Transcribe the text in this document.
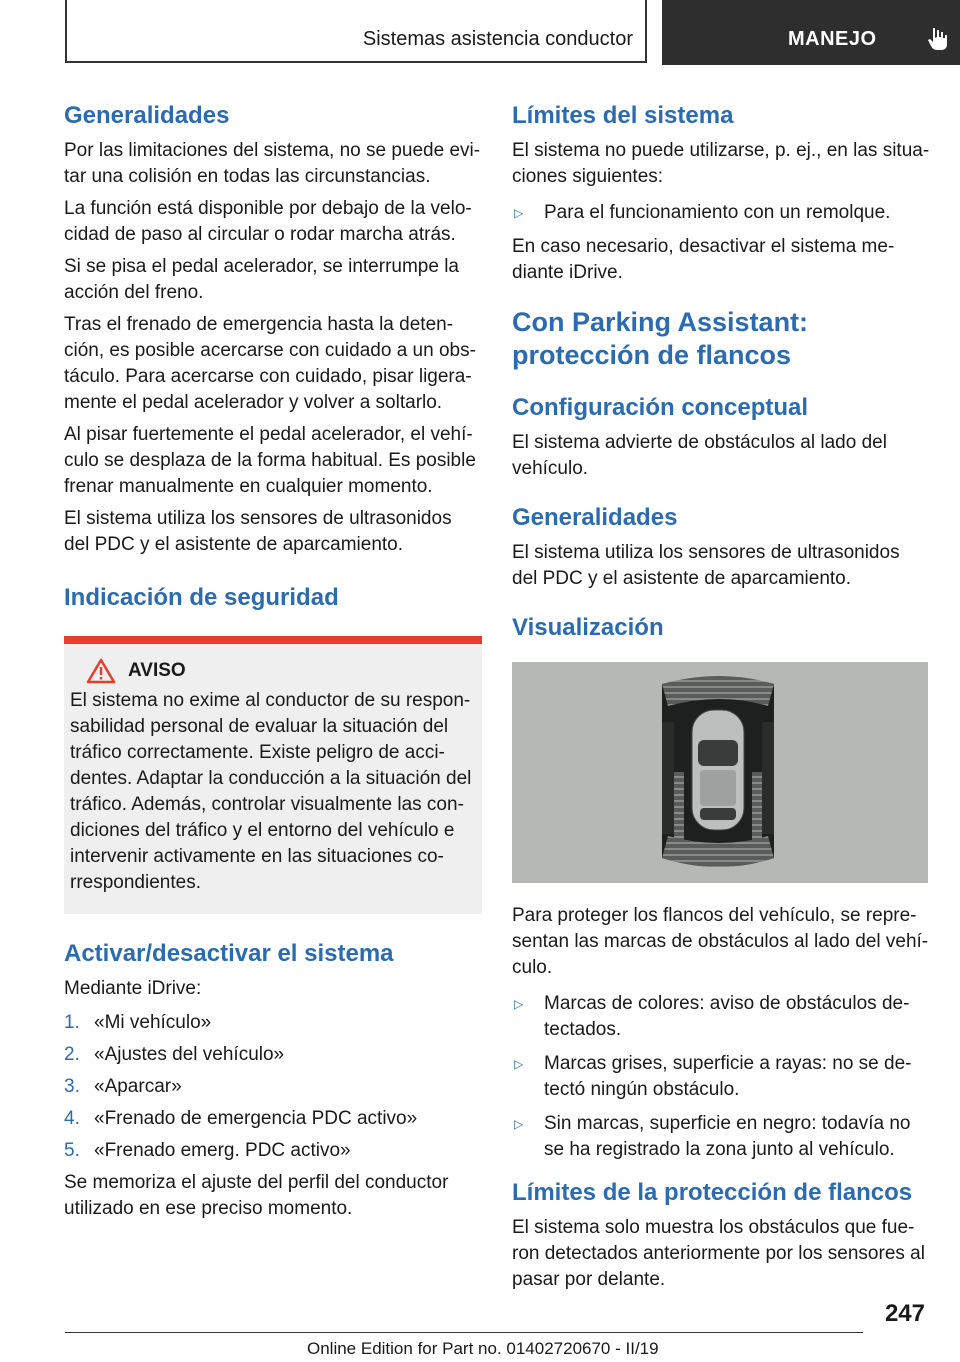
Sistemas asistencia conductor	MANEJO
Generalidades

Por las limitaciones del sistema, no se puede evi-tar una colisión en todas las circunstancias.

La función está disponible por debajo de la velo-cidad de paso al circular o rodar marcha atrás.

Si se pisa el pedal acelerador, se interrumpe la acción del freno.

Tras el frenado de emergencia hasta la deten-ción, es posible acercarse con cuidado a un obs-táculo. Para acercarse con cuidado, pisar ligera-mente el pedal acelerador y volver a soltarlo.

Al pisar fuertemente el pedal acelerador, el vehí-culo se desplaza de la forma habitual. Es posible frenar manualmente en cualquier momento.

El sistema utiliza los sensores de ultrasonidos del PDC y el asistente de aparcamiento.

Indicación de seguridad
AVISO

El sistema no exime al conductor de su respon-sabilidad personal de evaluar la situación del tráfico correctamente. Existe peligro de acci-dentes. Adaptar la conducción a la situación del tráfico. Además, controlar visualmente las con-diciones del tráfico y el entorno del vehículo e intervenir activamente en las situaciones co-rrespondientes.

Activar/desactivar el sistema

Mediante iDrive:

1. «Mi vehículo»
2. «Ajustes del vehículo»
3. «Aparcar»
4. «Frenado de emergencia PDC activo»
5. «Frenado emerg. PDC activo»

Se memoriza el ajuste del perfil del conductor utilizado en ese preciso momento.

Límites del sistema

El sistema no puede utilizarse, p. ej., en las situa-ciones siguientes:

▷	Para el funcionamiento con un remolque.

En caso necesario, desactivar el sistema me-diante iDrive.

Con Parking Assistant:
protección de flancos
Configuración conceptual

El sistema advierte de obstáculos al lado del vehículo.

Generalidades

El sistema utiliza los sensores de ultrasonidos del PDC y el asistente de aparcamiento.

Visualización

Para proteger los flancos del vehículo, se repre-sentan las marcas de obstáculos al lado del vehí-culo.

▷	Marcas de colores: aviso de obstáculos de-tectados.
▷	Marcas grises, superficie a rayas: no se de-tectó ningún obstáculo.
▷	Sin marcas, superficie en negro: todavía no se ha registrado la zona junto al vehículo.
Límites de la protección de flancos

El sistema solo muestra los obstáculos que fue-ron detectados anteriormente por los sensores al pasar por delante.

247
Online Edition for Part no. 01402720670 - II/19
